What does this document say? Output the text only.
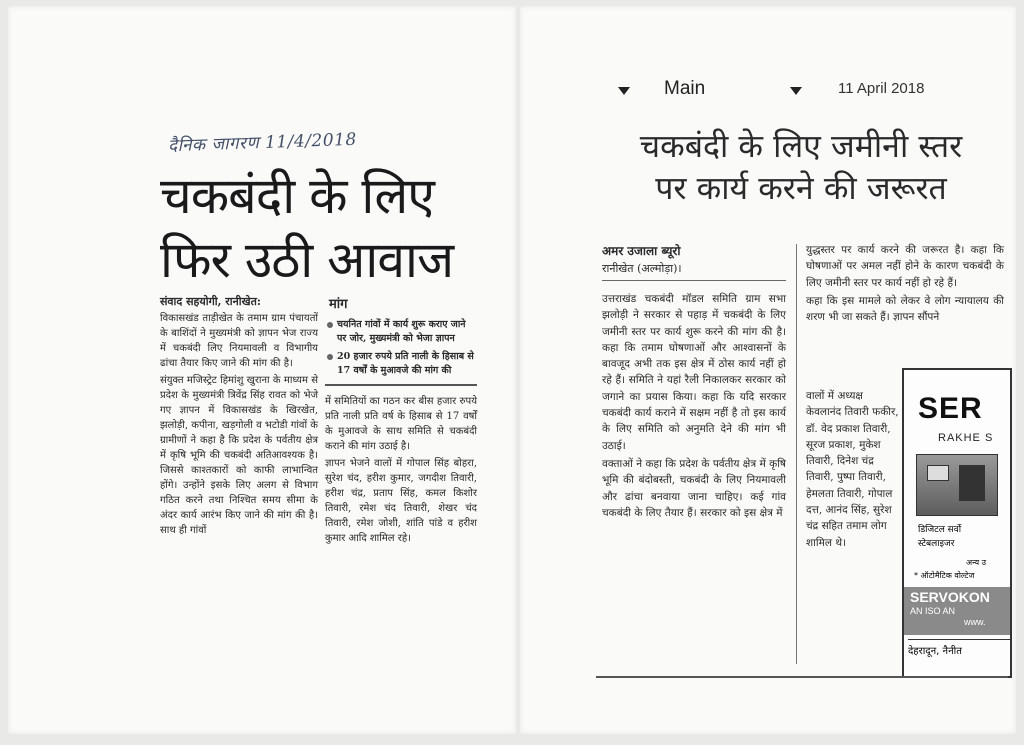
दैनिक जागरण 11/4/2018
चकबंदी के लिए
फिर उठी आवाज
संवाद सहयोगी, रानीखेत:

विकासखंड ताड़ीखेत के तमाम ग्राम पंचायतों के बाशिंदों ने मुख्यमंत्री को ज्ञापन भेज राज्य में चकबंदी लिए नियमावली व विभागीय ढांचा तैयार किए जाने की मांग की है।

संयुक्त मजिस्ट्रेट हिमांशु खुराना के माध्यम से प्रदेश के मुख्यमंत्री त्रिवेंद्र सिंह रावत को भेजे गए ज्ञापन में विकासखंड के खिरखेत, झलोड़ी, कपीना, खड़गोली व भटोडी गांवों के ग्रामीणों ने कहा है कि प्रदेश के पर्वतीय क्षेत्र में कृषि भूमि की चकबंदी अतिआवश्यक है। जिससे काश्तकारों को काफी लाभान्वित होंगे। उन्होंने इसके लिए अलग से विभाग गठित करने तथा निश्चित समय सीमा के अंदर कार्य आरंभ किए जाने की मांग की है। साथ ही गांवों

मांग
चयनित गांवों में कार्य शुरू कराए जाने पर जोर, मुख्यमंत्री को भेजा ज्ञापन
20 हजार रुपये प्रति नाली के हिसाब से 17 वर्षों के मुआवजे की मांग की

में समितियों का गठन कर बीस हजार रुपये प्रति नाली प्रति वर्ष के हिसाब से 17 वर्षों के मुआवजे के साथ समिति से चकबंदी कराने की मांग उठाई है।

ज्ञापन भेजने वालों में गोपाल सिंह बोहरा, सुरेश चंद, हरीश कुमार, जगदीश तिवारी, हरीश चंद्र, प्रताप सिंह, कमल किशोर तिवारी, रमेश चंद तिवारी, शेखर चंद तिवारी, रमेश जोशी, शांति पांडे व हरीश कुमार आदि शामिल रहे।

Main	11 April 2018
चकबंदी के लिए जमीनी स्तर
पर कार्य करने की जरूरत
अमर उजाला ब्यूरो
रानीखेत (अल्मोड़ा)।

उत्तराखंड चकबंदी मॉडल समिति ग्राम सभा झलोड़ी ने सरकार से पहाड़ में चकबंदी के लिए जमीनी स्तर पर कार्य शुरू करने की मांग की है। कहा कि तमाम घोषणाओं और आश्वासनों के बावजूद अभी तक इस क्षेत्र में ठोस कार्य नहीं हो रहे हैं। समिति ने यहां रैली निकालकर सरकार को जगाने का प्रयास किया। कहा कि यदि सरकार चकबंदी कार्य कराने में सक्षम नहीं है तो इस कार्य के लिए समिति को अनुमति देने की मांग भी उठाई।

वक्ताओं ने कहा कि प्रदेश के पर्वतीय क्षेत्र में कृषि भूमि की बंदोबस्ती, चकबंदी के लिए नियमावली और ढांचा बनवाया जाना चाहिए। कई गांव चकबंदी के लिए तैयार हैं। सरकार को इस क्षेत्र में

युद्धस्तर पर कार्य करने की जरूरत है। कहा कि घोषणाओं पर अमल नहीं होने के कारण चकबंदी के लिए जमीनी स्तर पर कार्य नहीं हो रहे हैं।

कहा कि इस मामले को लेकर वे लोग न्यायालय की शरण भी जा सकते हैं। ज्ञापन सौंपने

वालों में अध्यक्ष केवलानंद तिवारी फकीर, डॉ. वेद प्रकाश तिवारी, सूरज प्रकाश, मुकेश तिवारी, दिनेश चंद्र तिवारी, पुष्पा तिवारी, हेमलता तिवारी, गोपाल दत्त, आनंद सिंह, सुरेश चंद्र सहित तमाम लोग शामिल थे।

SER
RAKHE S
डिजिटल सर्वो
स्टेबलाइजर
अन्य उ
* ऑटोमैटिक वोल्टेज
SERVOKON
AN ISO AN
www.
देहरादून, नैनीत
